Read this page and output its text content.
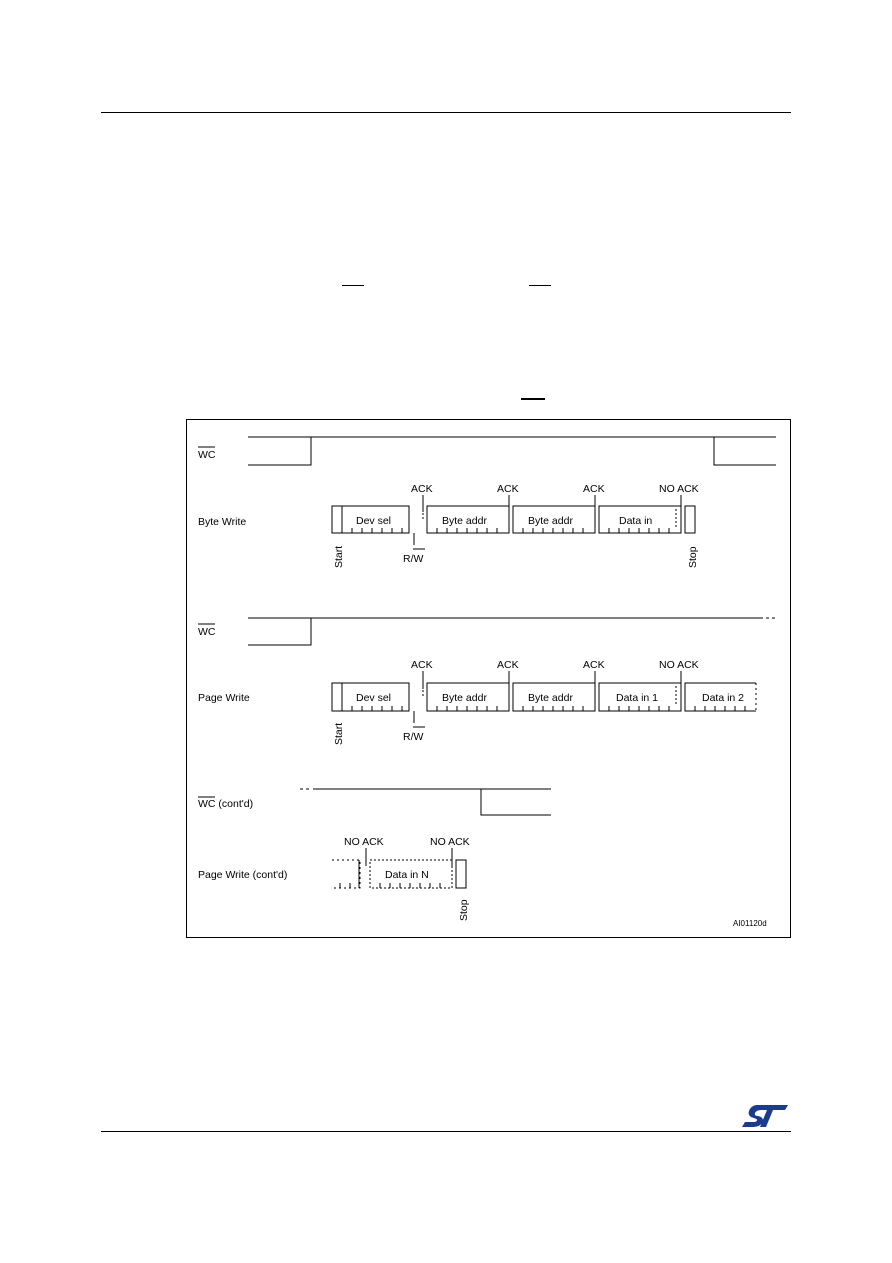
WC
Byte Write	Dev sel	Byte addr	Byte addr	Data in
ACK	ACK	ACK	NO ACK
Start	R/W	Stop
WC
Page Write	Dev sel	Byte addr	Byte addr	Data in 1	Data in 2
ACK	ACK	ACK	NO ACK
Start	R/W
WC (cont'd)
Page Write (cont'd)	Data in N
NO ACK	NO ACK
Stop
AI01120d
